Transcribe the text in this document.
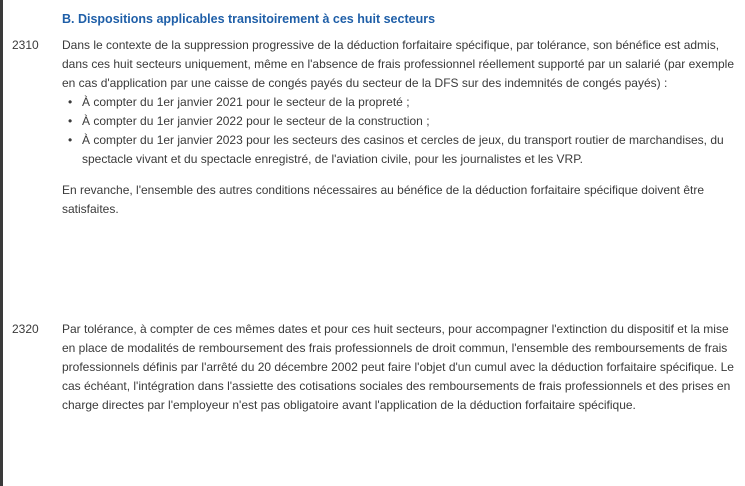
B. Dispositions applicables transitoirement à ces huit secteurs
2310 Dans le contexte de la suppression progressive de la déduction forfaitaire spécifique, par tolérance, son bénéfice est admis, dans ces huit secteurs uniquement, même en l'absence de frais professionnel réellement supporté par un salarié (par exemple en cas d'application par une caisse de congés payés du secteur de la DFS sur des indemnités de congés payés) :

• À compter du 1er janvier 2021 pour le secteur de la propreté ;
• À compter du 1er janvier 2022 pour le secteur de la construction ;
• À compter du 1er janvier 2023 pour les secteurs des casinos et cercles de jeux, du transport routier de marchandises, du spectacle vivant et du spectacle enregistré, de l'aviation civile, pour les journalistes et les VRP.

En revanche, l'ensemble des autres conditions nécessaires au bénéfice de la déduction forfaitaire spécifique doivent être satisfaites.

2320 Par tolérance, à compter de ces mêmes dates et pour ces huit secteurs, pour accompagner l'extinction du dispositif et la mise en place de modalités de remboursement des frais professionnels de droit commun, l'ensemble des remboursements de frais professionnels définis par l'arrêté du 20 décembre 2002 peut faire l'objet d'un cumul avec la déduction forfaitaire spécifique. Le cas échéant, l'intégration dans l'assiette des cotisations sociales des remboursements de frais professionnels et des prises en charge directes par l'employeur n'est pas obligatoire avant l'application de la déduction forfaitaire spécifique.
